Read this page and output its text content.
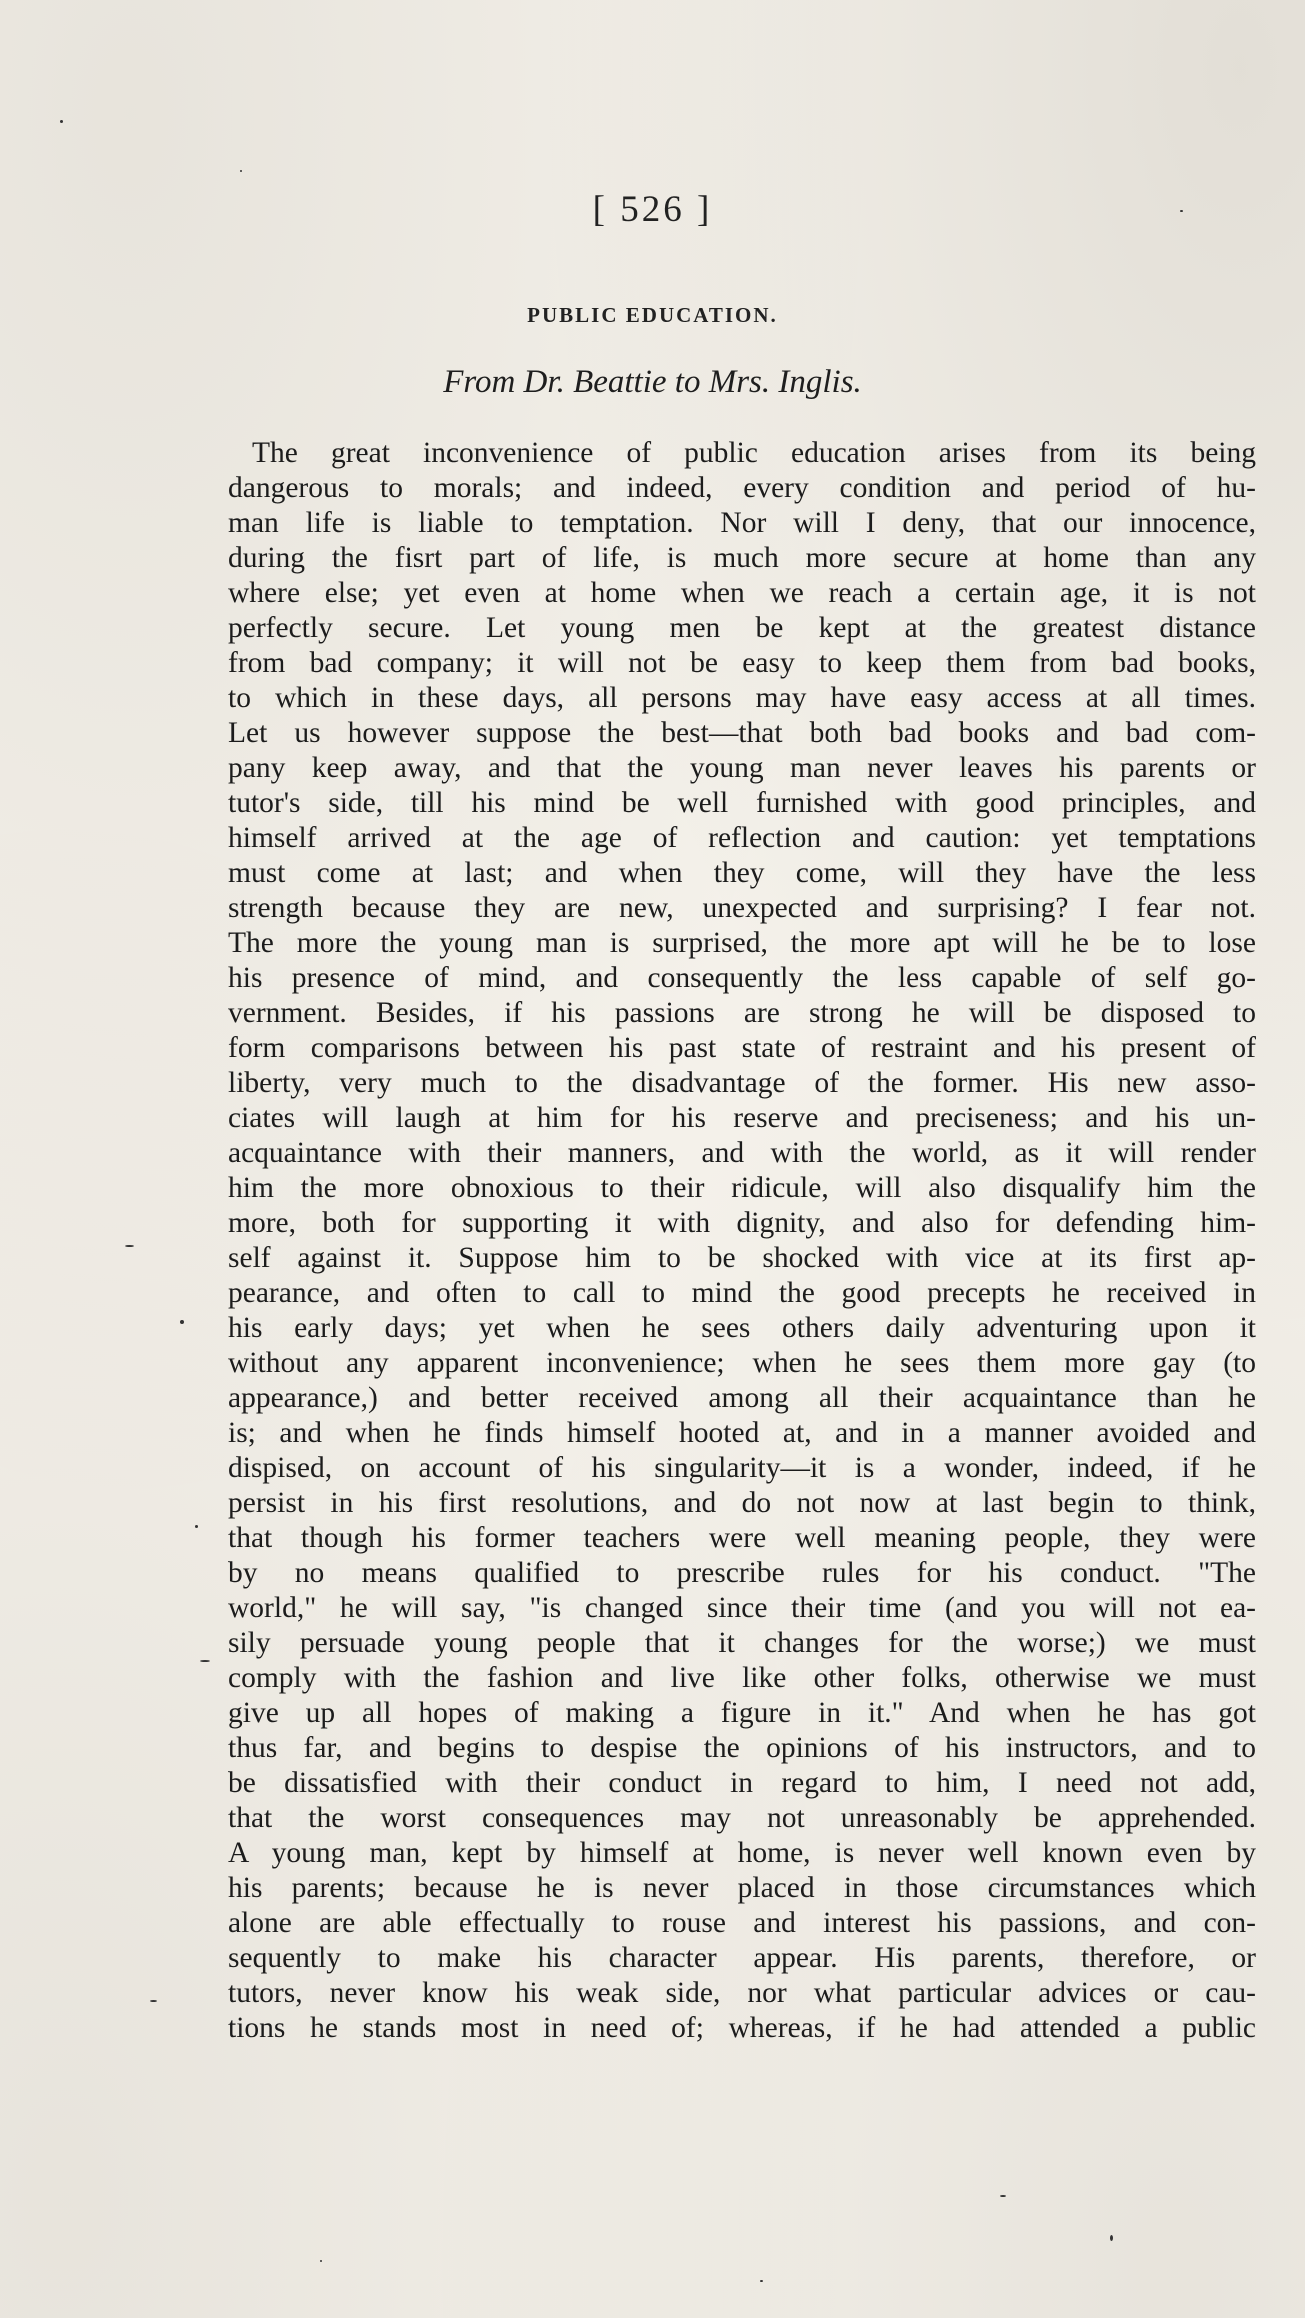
[ 526 ]
PUBLIC EDUCATION.
From Dr. Beattie to Mrs. Inglis.
The great inconvenience of public education arises from its being
dangerous to morals; and indeed, every condition and period of hu-
man life is liable to temptation. Nor will I deny, that our innocence,
during the fisrt part of life, is much more secure at home than any
where else; yet even at home when we reach a certain age, it is not
perfectly secure. Let young men be kept at the greatest distance
from bad company; it will not be easy to keep them from bad books,
to which in these days, all persons may have easy access at all times.
Let us however suppose the best—that both bad books and bad com-
pany keep away, and that the young man never leaves his parents or
tutor's side, till his mind be well furnished with good principles, and
himself arrived at the age of reflection and caution: yet temptations
must come at last; and when they come, will they have the less
strength because they are new, unexpected and surprising? I fear not.
The more the young man is surprised, the more apt will he be to lose
his presence of mind, and consequently the less capable of self go-
vernment. Besides, if his passions are strong he will be disposed to
form comparisons between his past state of restraint and his present of
liberty, very much to the disadvantage of the former. His new asso-
ciates will laugh at him for his reserve and preciseness; and his un-
acquaintance with their manners, and with the world, as it will render
him the more obnoxious to their ridicule, will also disqualify him the
more, both for supporting it with dignity, and also for defending him-
self against it. Suppose him to be shocked with vice at its first ap-
pearance, and often to call to mind the good precepts he received in
his early days; yet when he sees others daily adventuring upon it
without any apparent inconvenience; when he sees them more gay (to
appearance,) and better received among all their acquaintance than he
is; and when he finds himself hooted at, and in a manner avoided and
dispised, on account of his singularity—it is a wonder, indeed, if he
persist in his first resolutions, and do not now at last begin to think,
that though his former teachers were well meaning people, they were
by no means qualified to prescribe rules for his conduct. "The
world," he will say, "is changed since their time (and you will not ea-
sily persuade young people that it changes for the worse;) we must
comply with the fashion and live like other folks, otherwise we must
give up all hopes of making a figure in it." And when he has got
thus far, and begins to despise the opinions of his instructors, and to
be dissatisfied with their conduct in regard to him, I need not add,
that the worst consequences may not unreasonably be apprehended.
A young man, kept by himself at home, is never well known even by
his parents; because he is never placed in those circumstances which
alone are able effectually to rouse and interest his passions, and con-
sequently to make his character appear. His parents, therefore, or
tutors, never know his weak side, nor what particular advices or cau-
tions he stands most in need of; whereas, if he had attended a public
